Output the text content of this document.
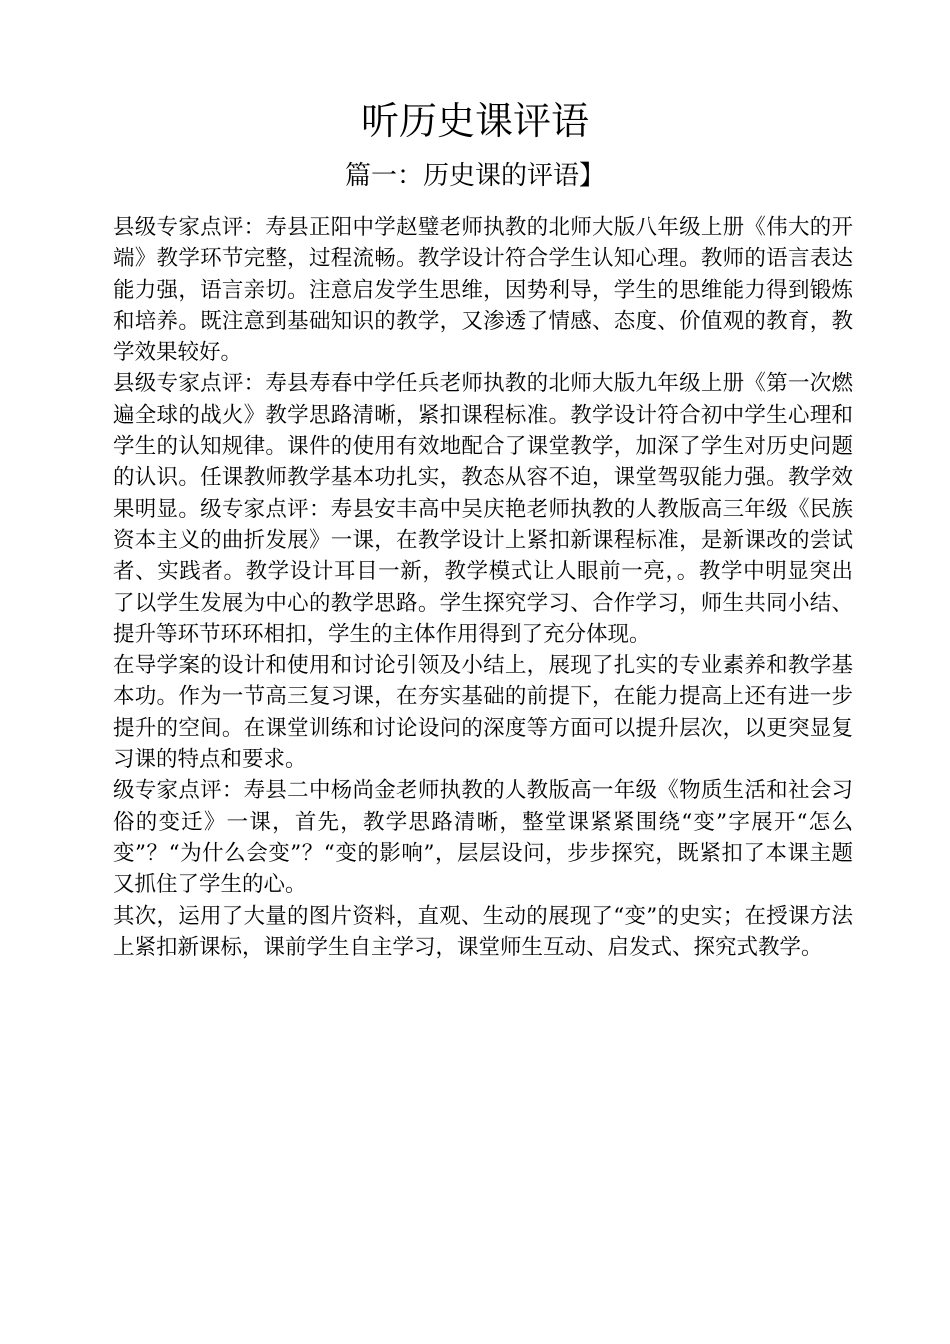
听历史课评语
篇一：历史课的评语】

县级专家点评：寿县正阳中学赵璧老师执教的北师大版八年级上册《伟大的开端》教学环节完整，过程流畅。教学设计符合学生认知心理。教师的语言表达能力强，语言亲切。注意启发学生思维，因势利导，学生的思维能力得到锻炼和培养。既注意到基础知识的教学，又渗透了情感、态度、价值观的教育，教学效果较好。

县级专家点评：寿县寿春中学任兵老师执教的北师大版九年级上册《第一次燃遍全球的战火》教学思路清晰，紧扣课程标准。教学设计符合初中学生心理和学生的认知规律。课件的使用有效地配合了课堂教学，加深了学生对历史问题的认识。任课教师教学基本功扎实，教态从容不迫，课堂驾驭能力强。教学效果明显。级专家点评：寿县安丰高中吴庆艳老师执教的人教版高三年级《民族资本主义的曲折发展》一课，在教学设计上紧扣新课程标准，是新课改的尝试者、实践者。教学设计耳目一新，教学模式让人眼前一亮，。教学中明显突出了以学生发展为中心的教学思路。学生探究学习、合作学习，师生共同小结、提升等环节环环相扣，学生的主体作用得到了充分体现。

在导学案的设计和使用和讨论引领及小结上，展现了扎实的专业素养和教学基本功。作为一节高三复习课，在夯实基础的前提下，在能力提高上还有进一步提升的空间。在课堂训练和讨论设问的深度等方面可以提升层次，以更突显复习课的特点和要求。

级专家点评：寿县二中杨尚金老师执教的人教版高一年级《物质生活和社会习俗的变迁》一课，首先，教学思路清晰，整堂课紧紧围绕“变”字展开“怎么变”？“为什么会变”？“变的影响”，层层设问，步步探究，既紧扣了本课主题又抓住了学生的心。

其次，运用了大量的图片资料，直观、生动的展现了“变”的史实；在授课方法上紧扣新课标，课前学生自主学习，课堂师生互动、启发式、探究式教学。
